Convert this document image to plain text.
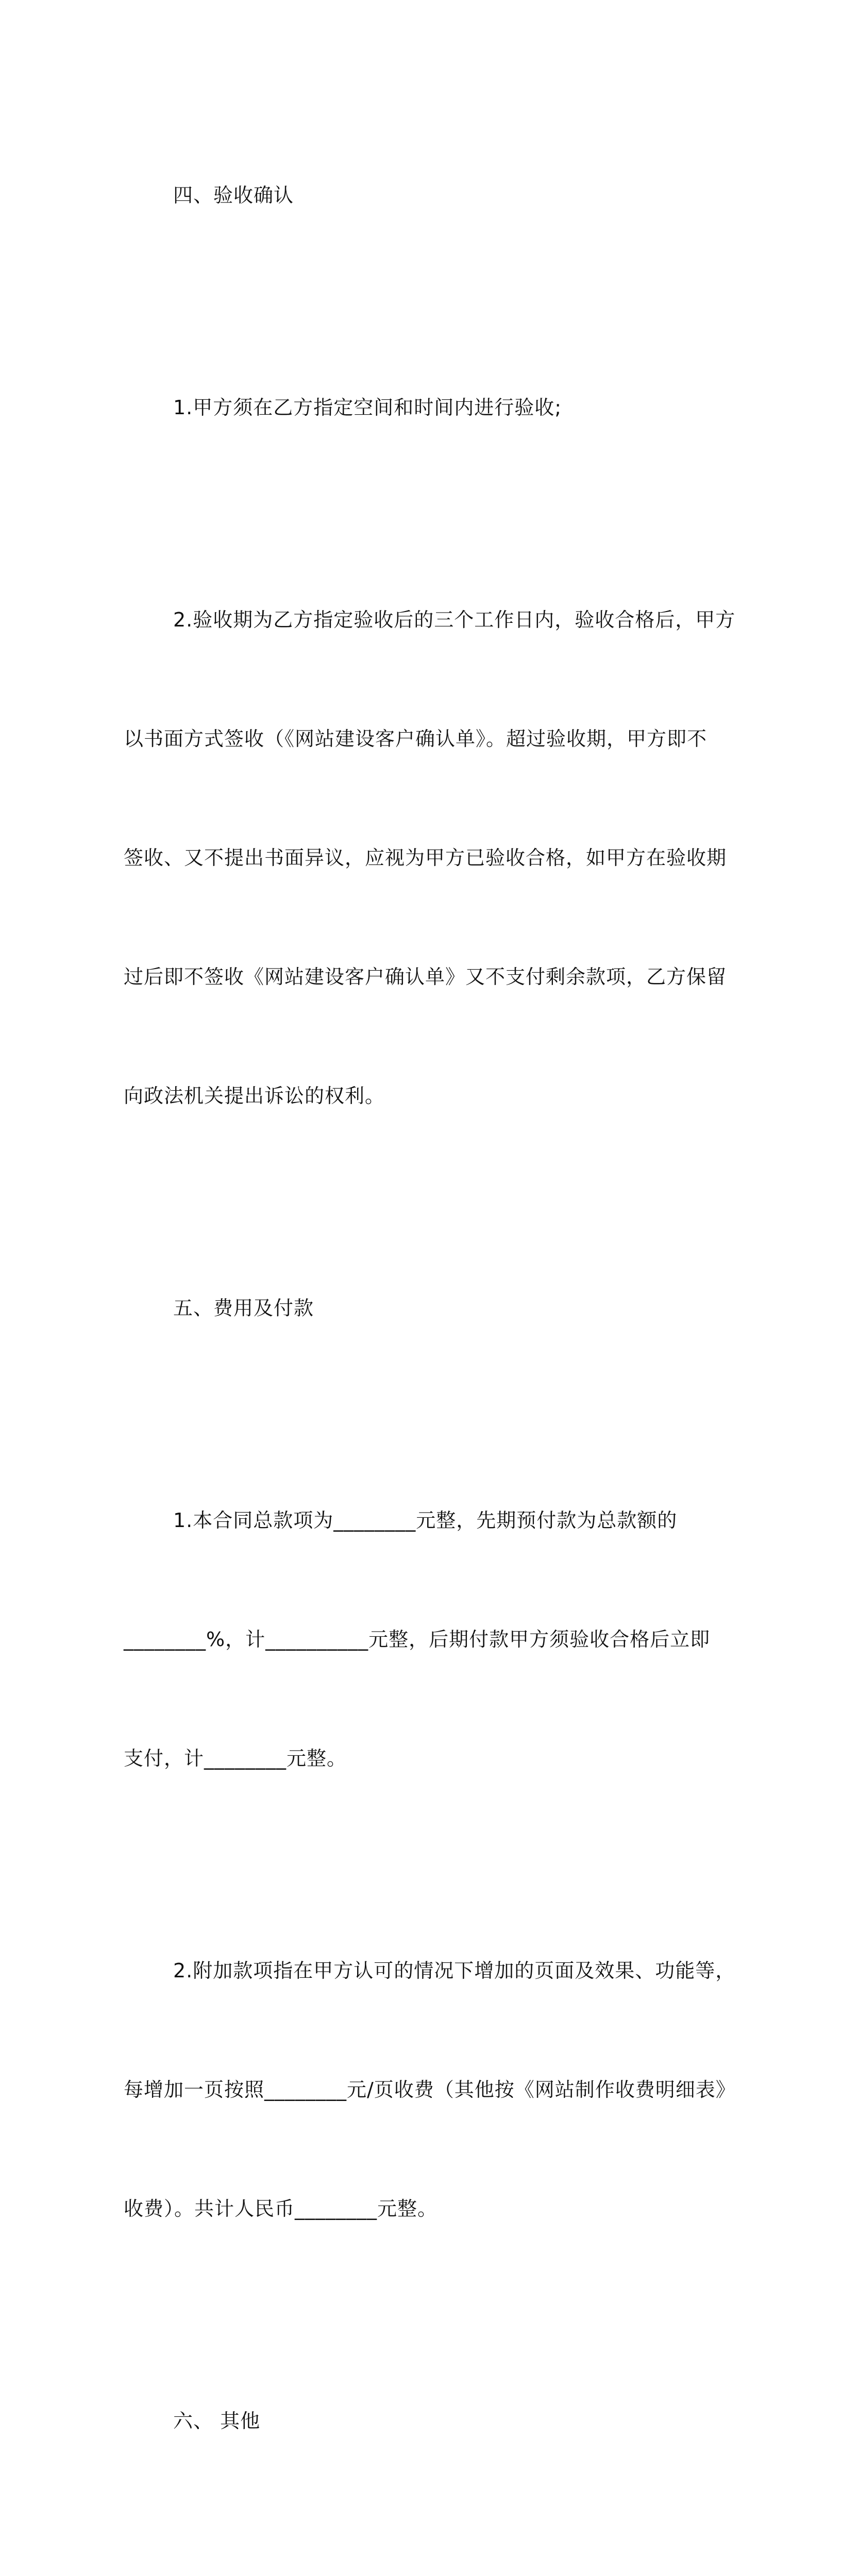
四、验收确认

1.甲方须在乙方指定空间和时间内进行验收;

2.验收期为乙方指定验收后的三个工作日内，验收合格后，甲方

以书面方式签收（《网站建设客户确认单》。超过验收期，甲方即不

签收、又不提出书面异议，应视为甲方已验收合格，如甲方在验收期

过后即不签收《网站建设客户确认单》又不支付剩余款项，乙方保留

向政法机关提出诉讼的权利。

五、费用及付款

1.本合同总款项为________元整，先期预付款为总款额的

________%，计__________元整，后期付款甲方须验收合格后立即

支付，计________元整。

2.附加款项指在甲方认可的情况下增加的页面及效果、功能等，

每增加一页按照________元/页收费（其他按《网站制作收费明细表》

收费）。共计人民币________元整。

六、 其他
